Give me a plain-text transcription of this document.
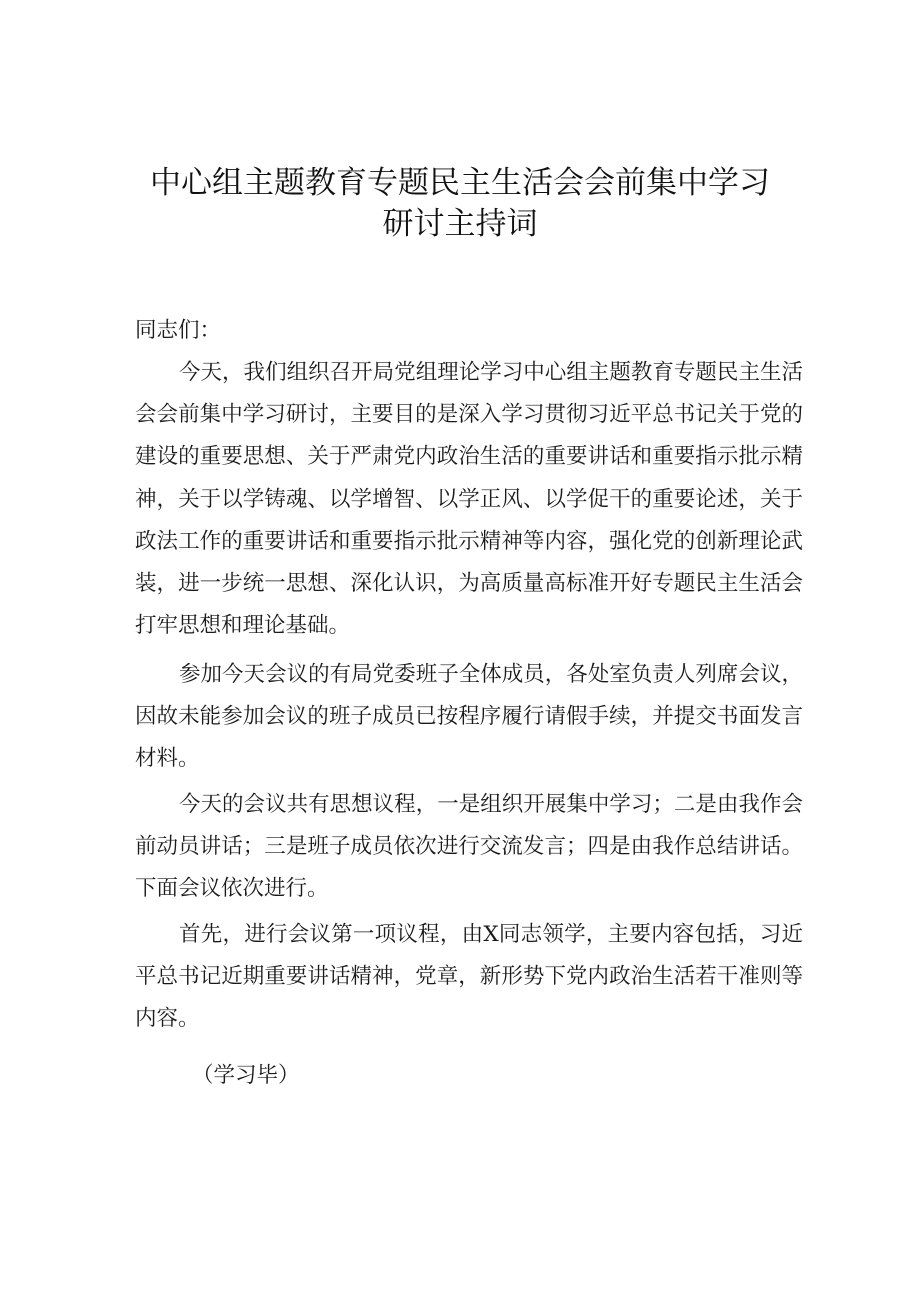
中心组主题教育专题民主生活会会前集中学习
研讨主持词
同志们：

今天，我们组织召开局党组理论学习中心组主题教育专题民主生活会会前集中学习研讨，主要目的是深入学习贯彻习近平总书记关于党的建设的重要思想、关于严肃党内政治生活的重要讲话和重要指示批示精神，关于以学铸魂、以学增智、以学正风、以学促干的重要论述，关于政法工作的重要讲话和重要指示批示精神等内容，强化党的创新理论武装，进一步统一思想、深化认识，为高质量高标准开好专题民主生活会打牢思想和理论基础。

参加今天会议的有局党委班子全体成员，各处室负责人列席会议，因故未能参加会议的班子成员已按程序履行请假手续，并提交书面发言材料。

今天的会议共有思想议程，一是组织开展集中学习；二是由我作会前动员讲话；三是班子成员依次进行交流发言；四是由我作总结讲话。下面会议依次进行。

首先，进行会议第一项议程，由X同志领学，主要内容包括，习近平总书记近期重要讲话精神，党章，新形势下党内政治生活若干准则等内容。

（学习毕）
